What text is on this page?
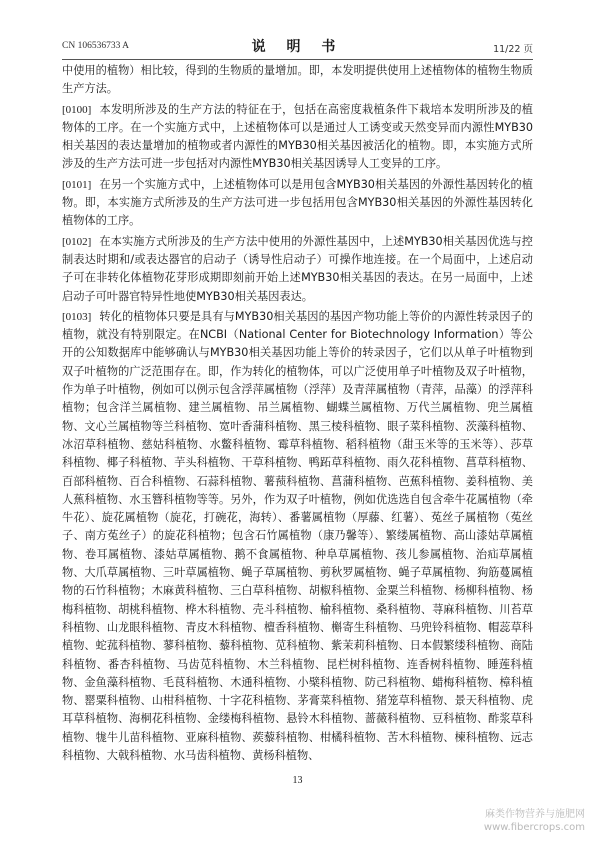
CN 106536733 A	说 明 书	11/22 页

中使用的植物）相比较，得到的生物质的量增加。即，本发明提供使用上述植物体的植物生物质生产方法。

[0100] 本发明所涉及的生产方法的特征在于，包括在高密度栽植条件下栽培本发明所涉及的植物体的工序。在一个实施方式中，上述植物体可以是通过人工诱变或天然变异而内源性MYB30相关基因的表达量增加的植物或者内源性的MYB30相关基因被活化的植物。即，本实施方式所涉及的生产方法可进一步包括对内源性MYB30相关基因诱导人工变异的工序。

[0101] 在另一个实施方式中，上述植物体可以是用包含MYB30相关基因的外源性基因转化的植物。即，本实施方式所涉及的生产方法可进一步包括用包含MYB30相关基因的外源性基因转化植物体的工序。

[0102] 在本实施方式所涉及的生产方法中使用的外源性基因中，上述MYB30相关基因优选与控制表达时期和/或表达器官的启动子（诱导性启动子）可操作地连接。在一个局面中，上述启动子可在非转化体植物花芽形成期即刻前开始上述MYB30相关基因的表达。在另一局面中，上述启动子可叶器官特异性地使MYB30相关基因表达。

[0103] 转化的植物体只要是具有与MYB30相关基因的基因产物功能上等价的内源性转录因子的植物，就没有特别限定。在NCBI（National Center for Biotechnology Information）等公开的公知数据库中能够确认与MYB30相关基因功能上等价的转录因子，它们以从单子叶植物到双子叶植物的广泛范围存在。即，作为转化的植物体，可以广泛使用单子叶植物及双子叶植物，作为单子叶植物，例如可以例示包含浮萍属植物（浮萍）及青萍属植物（青萍，品藻）的浮萍科植物；包含洋兰属植物、建兰属植物、吊兰属植物、蝴蝶兰属植物、万代兰属植物、兜兰属植物、文心兰属植物等兰科植物、宽叶香蒲科植物、黑三棱科植物、眼子菜科植物、茨藻科植物、冰沼草科植物、慈姑科植物、水鳖科植物、霉草科植物、稻科植物（甜玉米等的玉米等）、莎草科植物、椰子科植物、芋头科植物、干草科植物、鸭跖草科植物、雨久花科植物、菖草科植物、百部科植物、百合科植物、石蒜科植物、薯蓣科植物、菖蒲科植物、芭蕉科植物、姜科植物、美人蕉科植物、水玉簪科植物等等。另外，作为双子叶植物，例如优选选自包含牵牛花属植物（牵牛花）、旋花属植物（旋花，打碗花，海转）、番薯属植物（厚藤、红薯）、菟丝子属植物（菟丝子、南方菟丝子）的旋花科植物；包含石竹属植物（康乃馨等）、繁缕属植物、高山漆姑草属植物、卷耳属植物、漆姑草属植物、鹅不食属植物、种阜草属植物、孩儿参属植物、治疝草属植物、大爪草属植物、三叶草属植物、蝇子草属植物、剪秋罗属植物、蝇子草属植物、狗筋蔓属植物的石竹科植物；木麻黄科植物、三白草科植物、胡椒科植物、金粟兰科植物、杨柳科植物、杨梅科植物、胡桃科植物、桦木科植物、壳斗科植物、榆科植物、桑科植物、荨麻科植物、川苔草科植物、山龙眼科植物、青皮木科植物、檀香科植物、槲寄生科植物、马兜铃科植物、帽蕊草科植物、蛇菰科植物、蓼科植物、藜科植物、苋科植物、紫茉莉科植物、日本假繁缕科植物、商陆科植物、番杏科植物、马齿苋科植物、木兰科植物、昆栏树科植物、连香树科植物、睡莲科植物、金鱼藻科植物、毛茛科植物、木通科植物、小檗科植物、防己科植物、蜡梅科植物、樟科植物、罂粟科植物、山柑科植物、十字花科植物、茅膏菜科植物、猪笼草科植物、景天科植物、虎耳草科植物、海桐花科植物、金缕梅科植物、悬铃木科植物、蔷薇科植物、豆科植物、酢浆草科植物、牻牛儿苗科植物、亚麻科植物、蒺藜科植物、柑橘科植物、苦木科植物、楝科植物、远志科植物、大戟科植物、水马齿科植物、黄杨科植物、

13
麻类作物营养与施肥网
www.fibercrops.com
